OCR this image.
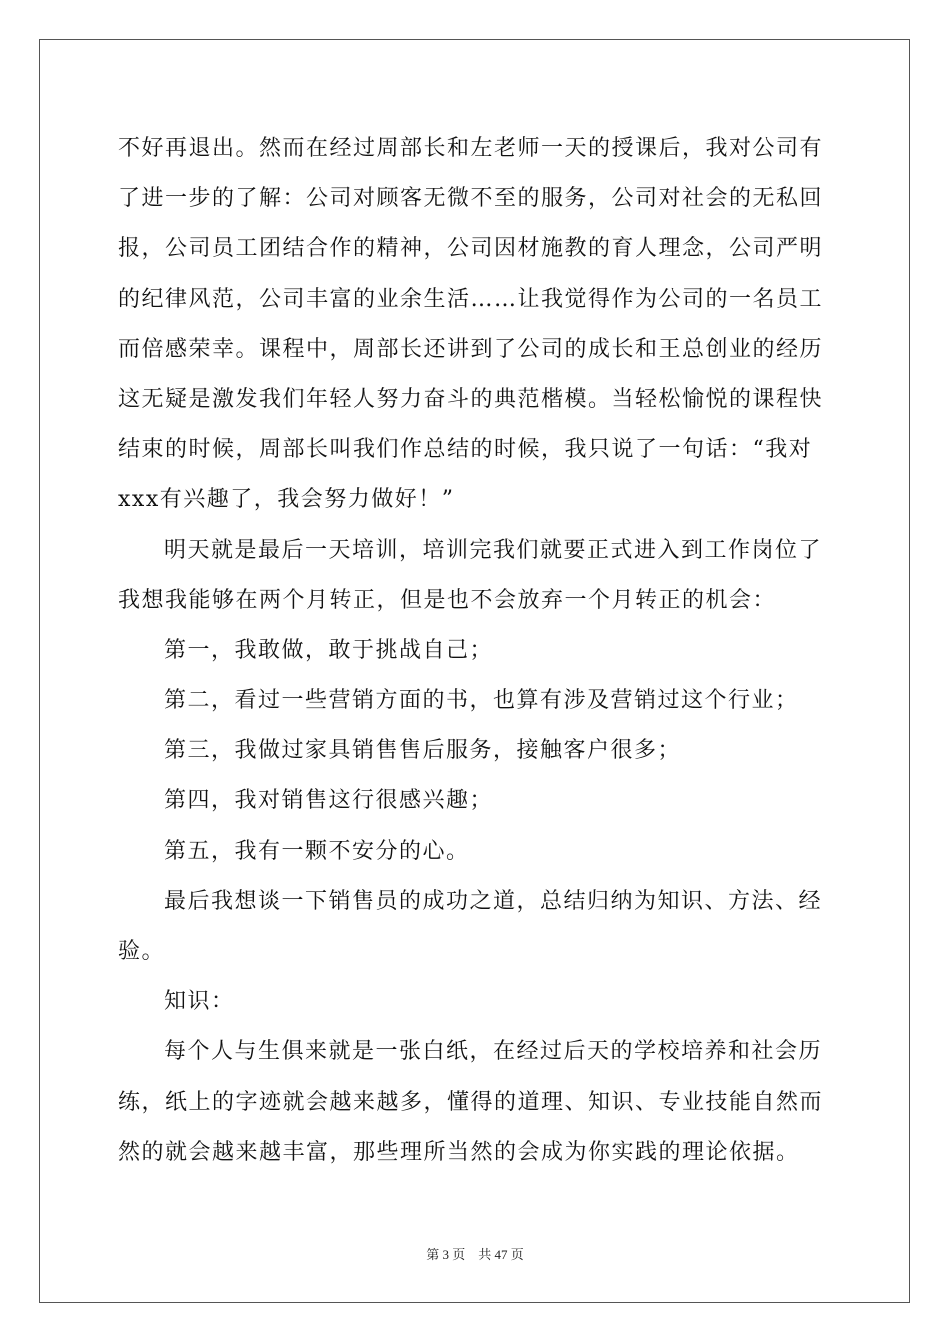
不好再退出。然而在经过周部长和左老师一天的授课后，我对公司有
了进一步的了解：公司对顾客无微不至的服务，公司对社会的无私回
报，公司员工团结合作的精神，公司因材施教的育人理念，公司严明
的纪律风范，公司丰富的业余生活……让我觉得作为公司的一名员工
而倍感荣幸。课程中，周部长还讲到了公司的成长和王总创业的经历
这无疑是激发我们年轻人努力奋斗的典范楷模。当轻松愉悦的课程快
结束的时候，周部长叫我们作总结的时候，我只说了一句话：“我对
xxx有兴趣了，我会努力做好！”
明天就是最后一天培训，培训完我们就要正式进入到工作岗位了
我想我能够在两个月转正，但是也不会放弃一个月转正的机会：
第一，我敢做，敢于挑战自己；
第二，看过一些营销方面的书，也算有涉及营销过这个行业；
第三，我做过家具销售售后服务，接触客户很多；
第四，我对销售这行很感兴趣；
第五，我有一颗不安分的心。
最后我想谈一下销售员的成功之道，总结归纳为知识、方法、经
验。
知识：
每个人与生俱来就是一张白纸，在经过后天的学校培养和社会历
练，纸上的字迹就会越来越多，懂得的道理、知识、专业技能自然而
然的就会越来越丰富，那些理所当然的会成为你实践的理论依据。
第 3 页 共 47 页
